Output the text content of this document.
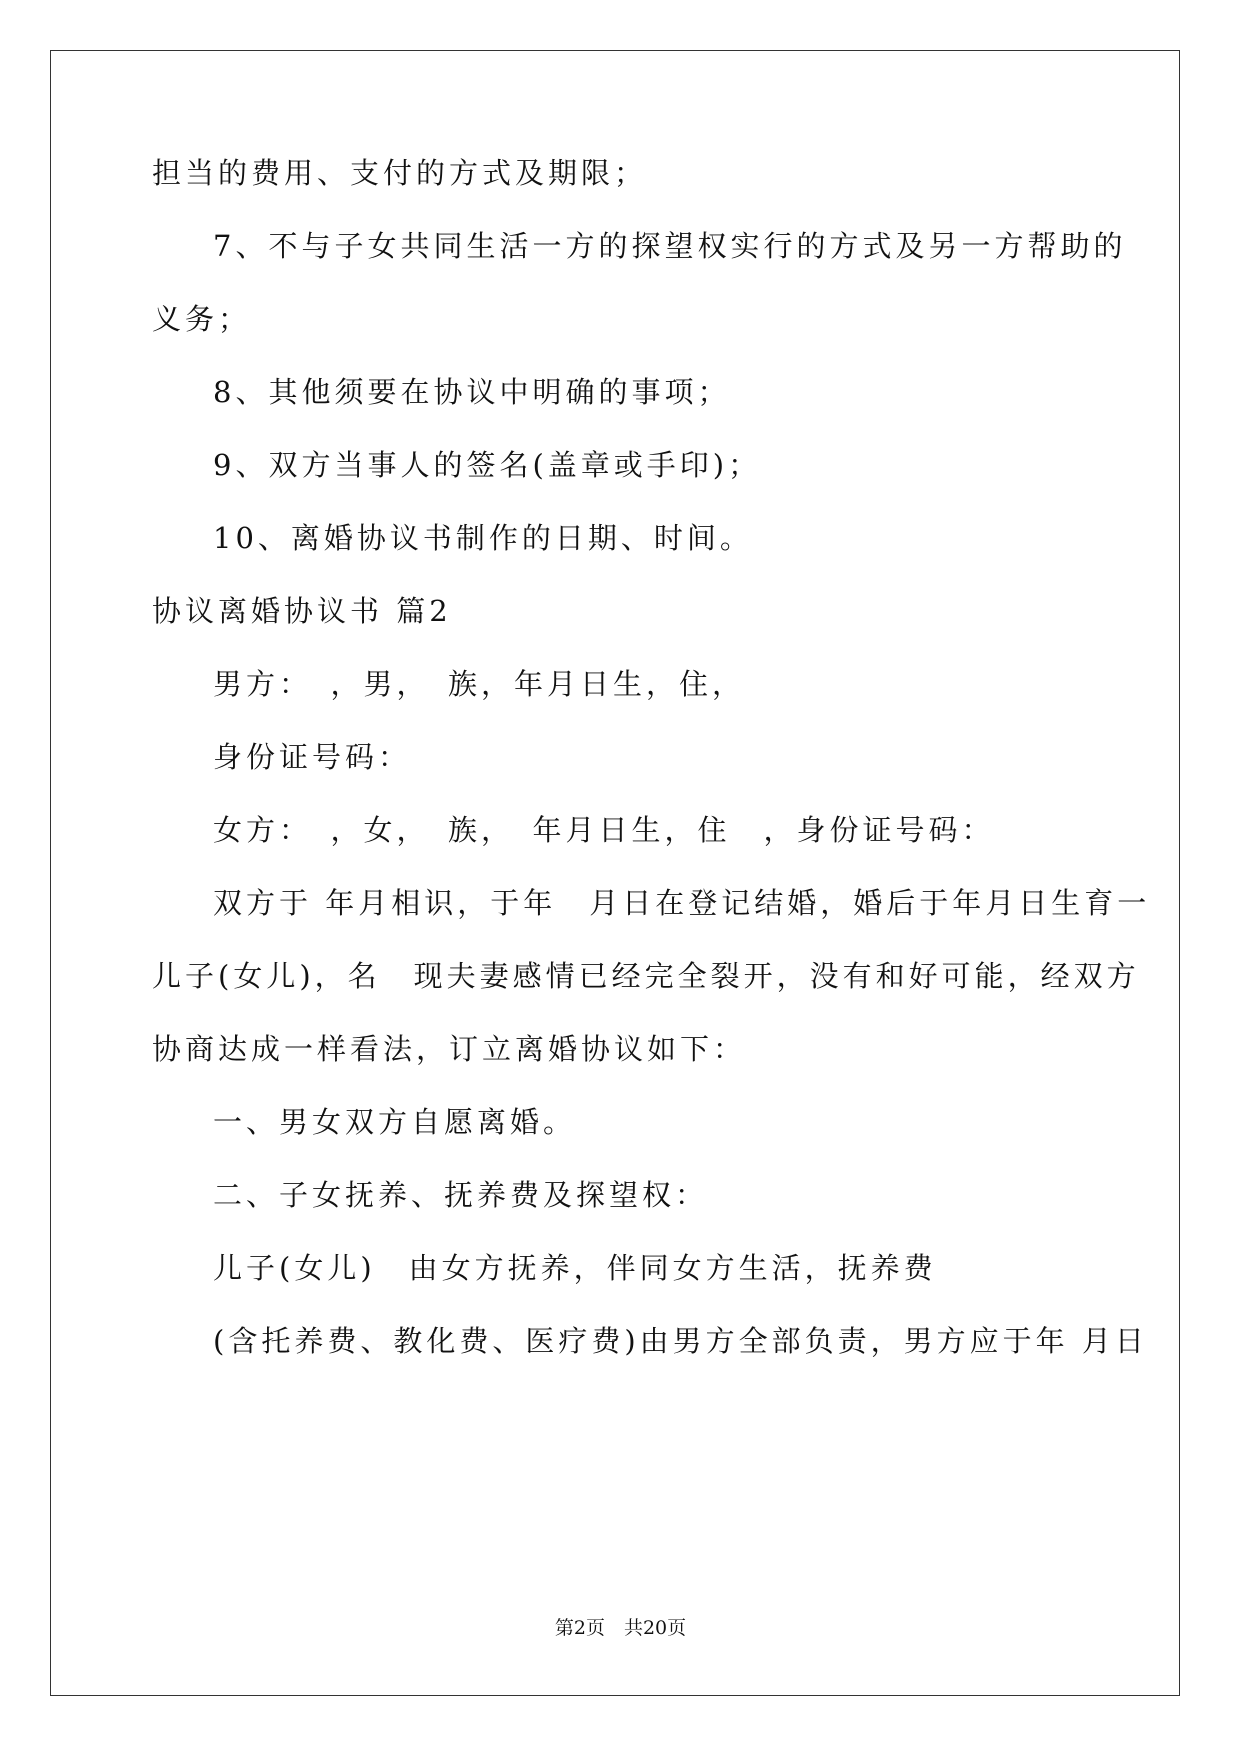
担当的费用、支付的方式及期限；
7、不与子女共同生活一方的探望权实行的方式及另一方帮助的
义务；
8、其他须要在协议中明确的事项；
9、双方当事人的签名(盖章或手印)；
10、离婚协议书制作的日期、时间。
协议离婚协议书 篇2
男方：　，男，　族，年月日生，住，
身份证号码：
女方：　，女，　族，　年月日生，住　，身份证号码：
双方于 年月相识，于年　月日在登记结婚，婚后于年月日生育一
儿子(女儿)，名　现夫妻感情已经完全裂开，没有和好可能，经双方
协商达成一样看法，订立离婚协议如下：
一、男女双方自愿离婚。
二、子女抚养、抚养费及探望权：
儿子(女儿)　由女方抚养，伴同女方生活，抚养费
(含托养费、教化费、医疗费)由男方全部负责，男方应于年 月日
第2页　共20页
